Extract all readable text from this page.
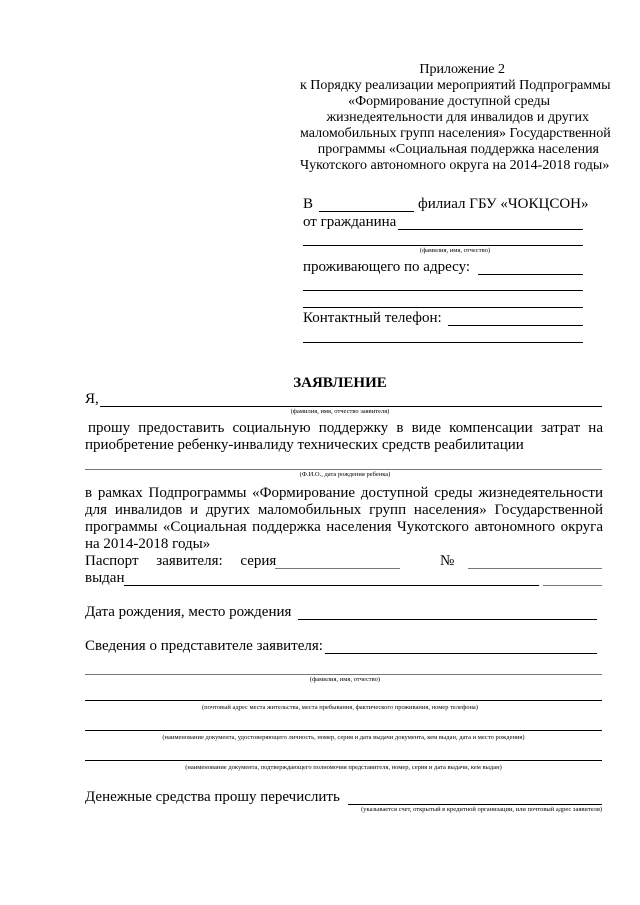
Приложение 2
к Порядку реализации мероприятий Подпрограммы
«Формирование доступной среды
жизнедеятельности для инвалидов и других
маломобильных групп населения» Государственной
программы «Социальная поддержка населения
Чукотского автономного округа на 2014-2018 годы»
В	филиал ГБУ «ЧОКЦСОН»
от гражданина
(фамилия, имя, отчество)
проживающего по адресу:
Контактный телефон:
ЗАЯВЛЕНИЕ
Я,
(фамилия, имя, отчество заявителя)
прошу предоставить социальную поддержку в виде компенсации затрат на
приобретение ребенку-инвалиду технических средств реабилитации
(Ф.И.О., дата рождения ребенка)
в рамках Подпрограммы «Формирование доступной среды жизнедеятельности
для инвалидов и других маломобильных групп населения» Государственной
программы «Социальная поддержка населения Чукотского автономного округа
на 2014-2018 годы»
Паспорт заявителя: серия	№
выдан
Дата рождения, место рождения
Сведения о представителе заявителя:
(фамилия, имя, отчество)
(почтовый адрес места жительства, места пребывания, фактического проживания, номер телефона)
(наименование документа, удостоверяющего личность, номер, серия и дата выдачи документа, кем выдан, дата и место рождения)
(наименование документа, подтверждающего полномочия представителя, номер, серия и дата выдачи, кем выдан)
Денежные средства прошу перечислить
(указывается счет, открытый в кредитной организации, или почтовый адрес заявителя)
